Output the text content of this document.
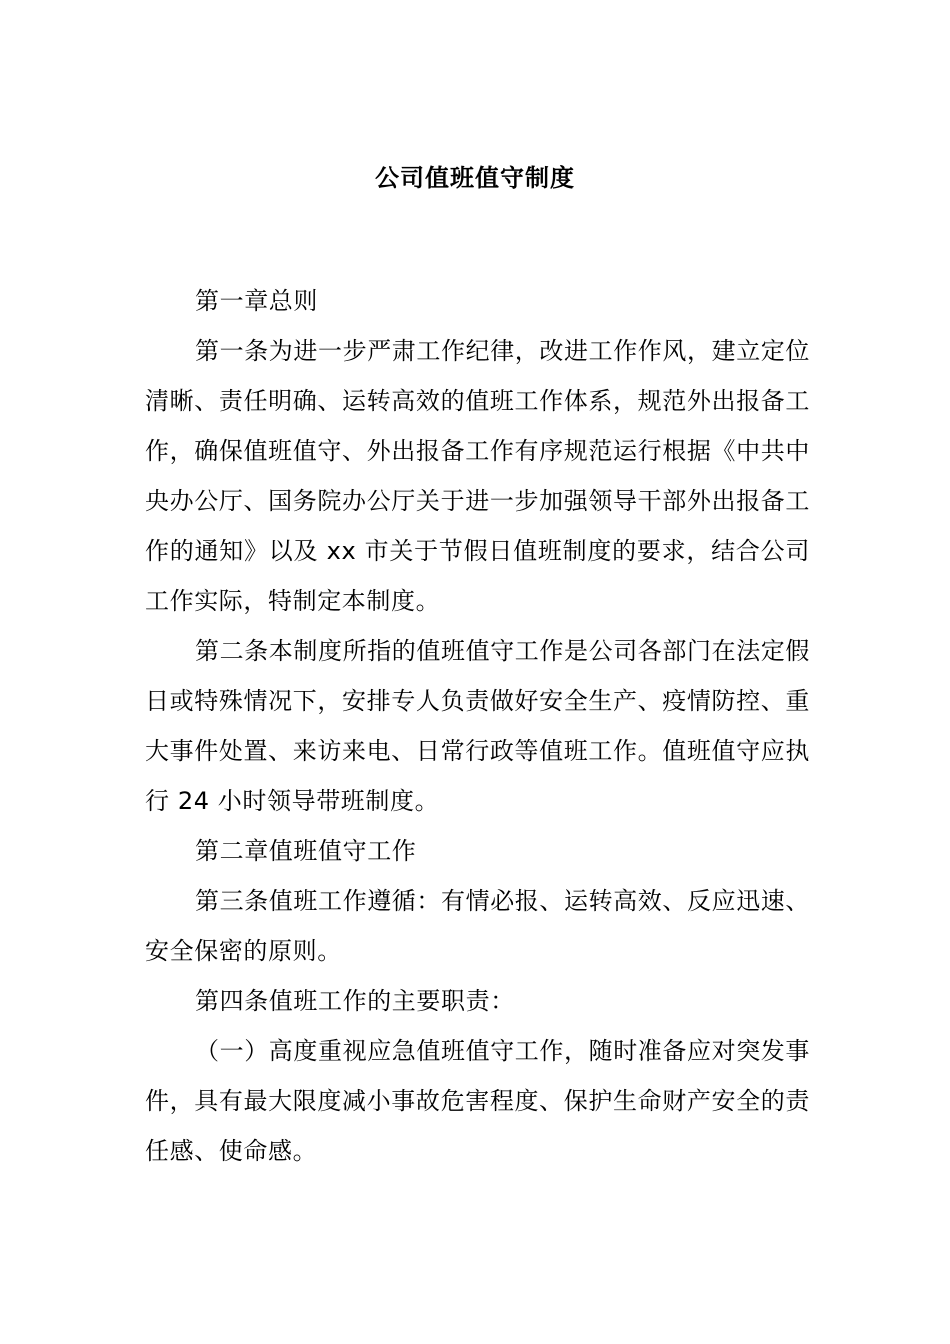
公司值班值守制度

第一章总则

第一条为进一步严肃工作纪律，改进工作作风，建立定位清晰、责任明确、运转高效的值班工作体系，规范外出报备工作，确保值班值守、外出报备工作有序规范运行根据《中共中央办公厅、国务院办公厅关于进一步加强领导干部外出报备工作的通知》以及 xx 市关于节假日值班制度的要求，结合公司工作实际，特制定本制度。

第二条本制度所指的值班值守工作是公司各部门在法定假日或特殊情况下，安排专人负责做好安全生产、疫情防控、重大事件处置、来访来电、日常行政等值班工作。值班值守应执行 24 小时领导带班制度。

第二章值班值守工作

第三条值班工作遵循：有情必报、运转高效、反应迅速、安全保密的原则。

第四条值班工作的主要职责：

（一）高度重视应急值班值守工作，随时准备应对突发事件，具有最大限度减小事故危害程度、保护生命财产安全的责任感、使命感。
